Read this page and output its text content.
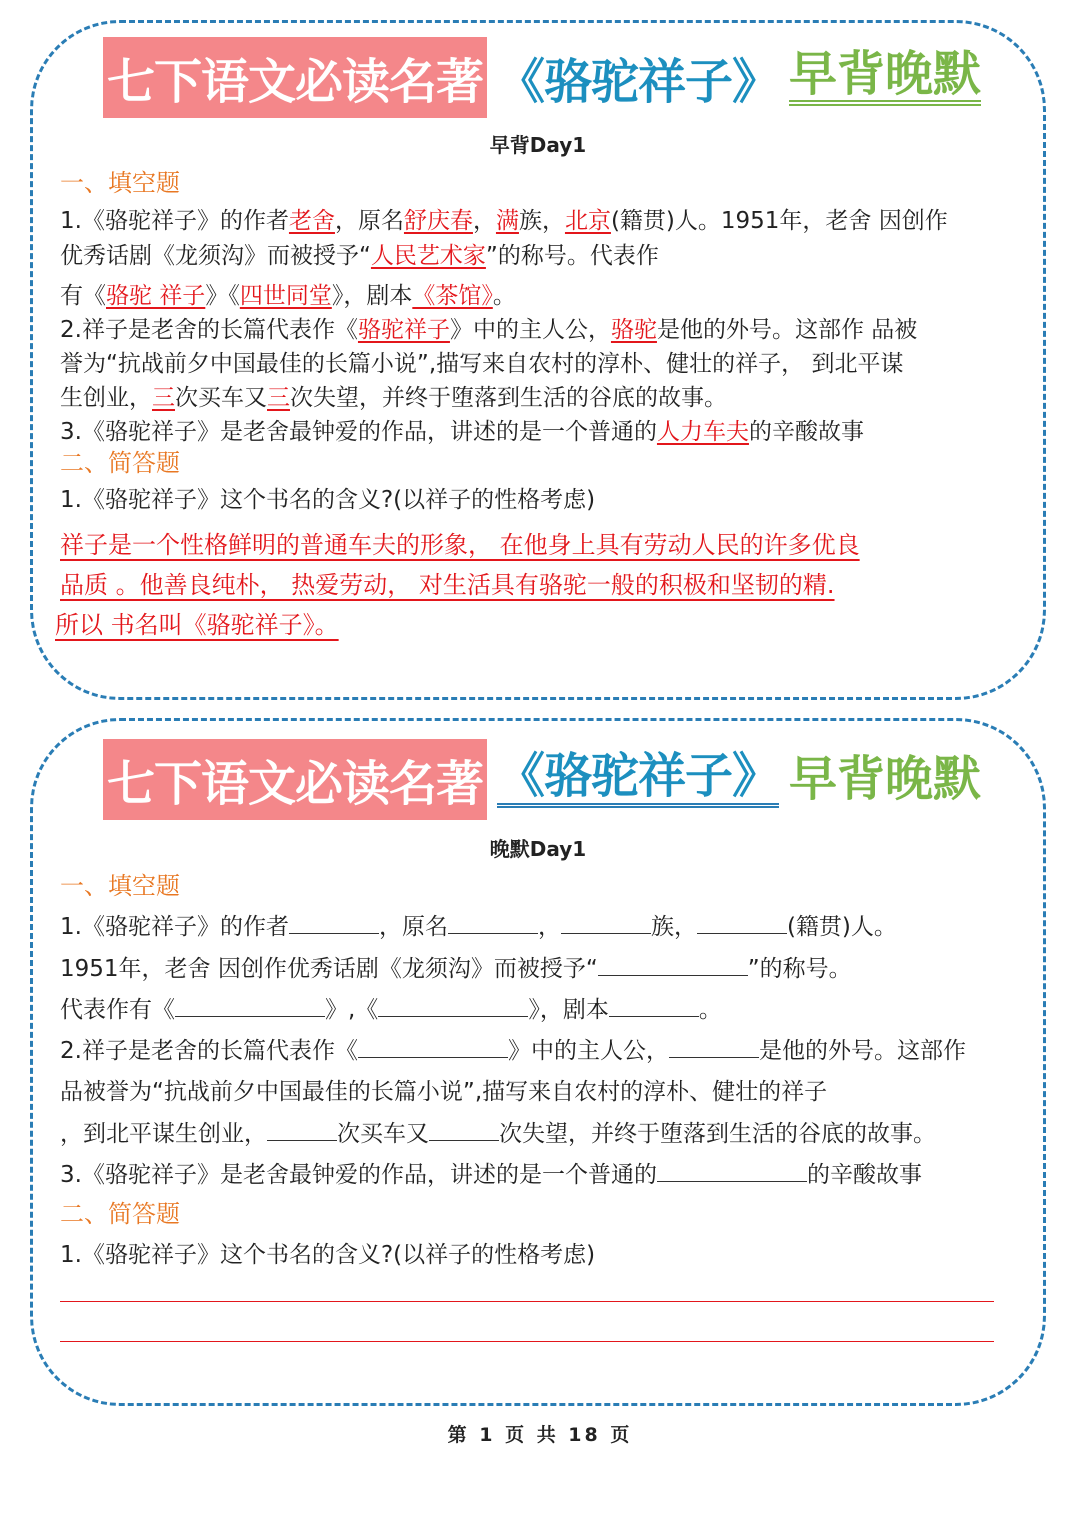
七下语文必读名著 《骆驼祥子》 早背晚默
早背Day1
一、填空题
1.《骆驼祥子》的作者老舍，原名舒庆春，满族，北京(籍贯)人。1951年，老舍 因创作
优秀话剧《龙须沟》而被授予“人民艺术家”的称号。代表作
有《骆驼 祥子》《四世同堂》，剧本《茶馆》。
2.祥子是老舍的长篇代表作《骆驼祥子》中的主人公，骆驼是他的外号。这部作 品被
誉为“抗战前夕中国最佳的长篇小说”,描写来自农村的淳朴、健壮的祥子， 到北平谋
生创业，三次买车又三次失望，并终于堕落到生活的谷底的故事。
3.《骆驼祥子》是老舍最钟爱的作品，讲述的是一个普通的人力车夫的辛酸故事
二、简答题
1.《骆驼祥子》这个书名的含义?(以祥子的性格考虑)
祥子是一个性格鲜明的普通车夫的形象， 在他身上具有劳动人民的许多优良
品质 。他善良纯朴， 热爱劳动， 对生活具有骆驼一般的积极和坚韧的精.
所以 书名叫《骆驼祥子》。
七下语文必读名著 《骆驼祥子》 早背晚默
晚默Day1
一、填空题
1.《骆驼祥子》的作者	，原名	，	族，	(籍贯)人。
1951年，老舍 因创作优秀话剧《龙须沟》而被授予“	”的称号。
代表作有《	》,《	》，剧本	。
2.祥子是老舍的长篇代表作《	》中的主人公，	是他的外号。这部作
品被誉为“抗战前夕中国最佳的长篇小说”,描写来自农村的淳朴、健壮的祥子
，到北平谋生创业，	次买车又	次失望，并终于堕落到生活的谷底的故事。
3.《骆驼祥子》是老舍最钟爱的作品，讲述的是一个普通的	的辛酸故事
二、简答题
1.《骆驼祥子》这个书名的含义?(以祥子的性格考虑)
第 1 页 共 18 页
